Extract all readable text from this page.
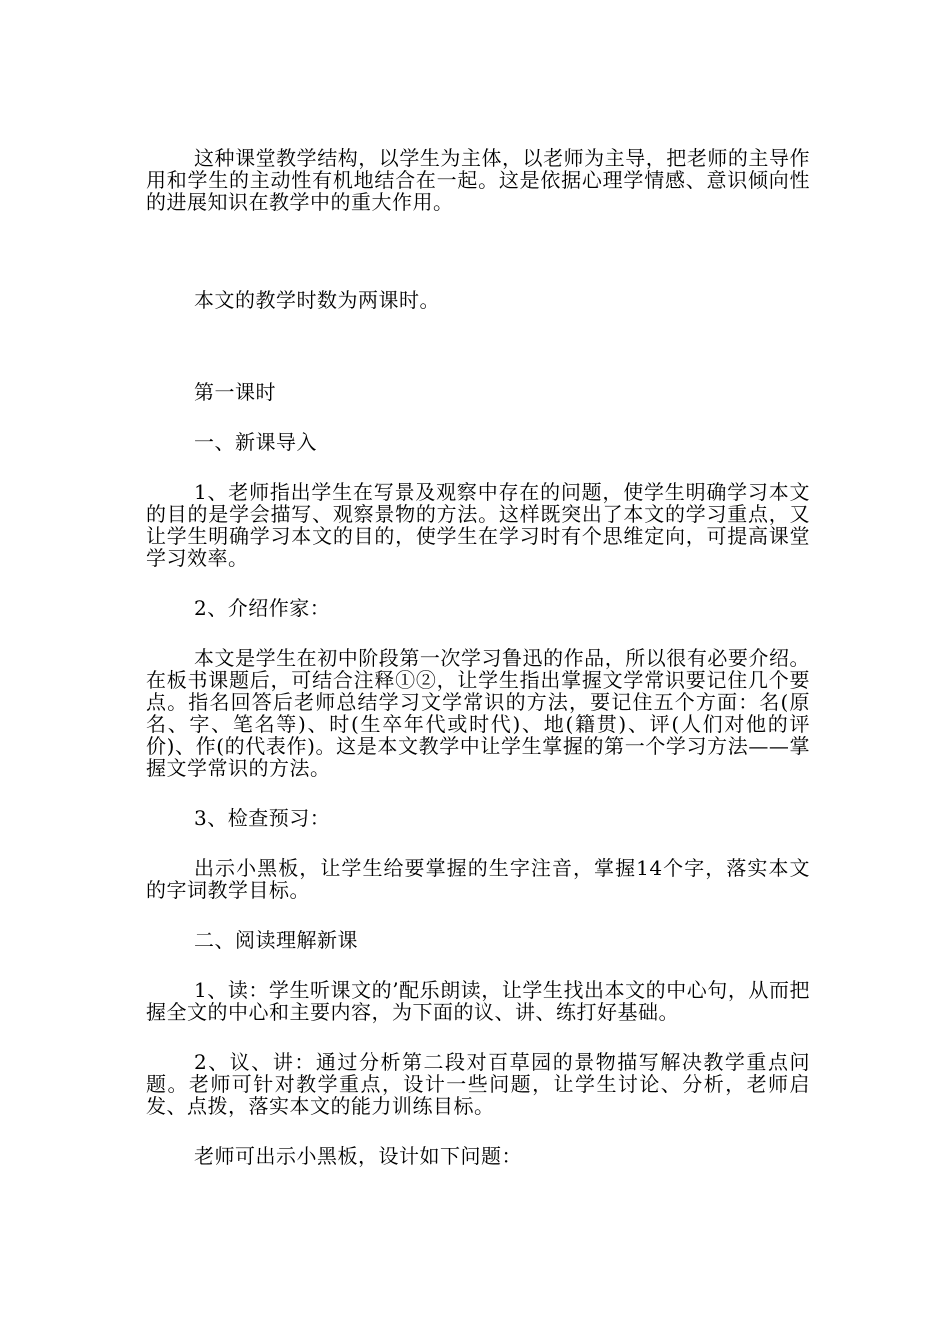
这种课堂教学结构，以学生为主体，以老师为主导，把老师的主导作用和学生的主动性有机地结合在一起。这是依据心理学情感、意识倾向性的进展知识在教学中的重大作用。

本文的教学时数为两课时。

第一课时

一、新课导入

1、老师指出学生在写景及观察中存在的问题，使学生明确学习本文的目的是学会描写、观察景物的方法。这样既突出了本文的学习重点，又让学生明确学习本文的目的，使学生在学习时有个思维定向，可提高课堂学习效率。

2、介绍作家：

本文是学生在初中阶段第一次学习鲁迅的作品，所以很有必要介绍。在板书课题后，可结合注释①②，让学生指出掌握文学常识要记住几个要点。指名回答后老师总结学习文学常识的方法，要记住五个方面：名(原名、字、笔名等)、时(生卒年代或时代)、地(籍贯)、评(人们对他的评价)、作(的代表作)。这是本文教学中让学生掌握的第一个学习方法——掌握文学常识的方法。

3、检查预习：

出示小黑板，让学生给要掌握的生字注音，掌握14个字，落实本文 的字词教学目标。

二、阅读理解新课

1、读：学生听课文的’配乐朗读，让学生找出本文的中心句，从而把握全文的中心和主要内容，为下面的议、讲、练打好基础。

2、议、讲：通过分析第二段对百草园的景物描写解决教学重点问题。老师可针对教学重点，设计一些问题，让学生讨论、分析，老师启发、点拨，落实本文的能力训练目标。

老师可出示小黑板，设计如下问题：
